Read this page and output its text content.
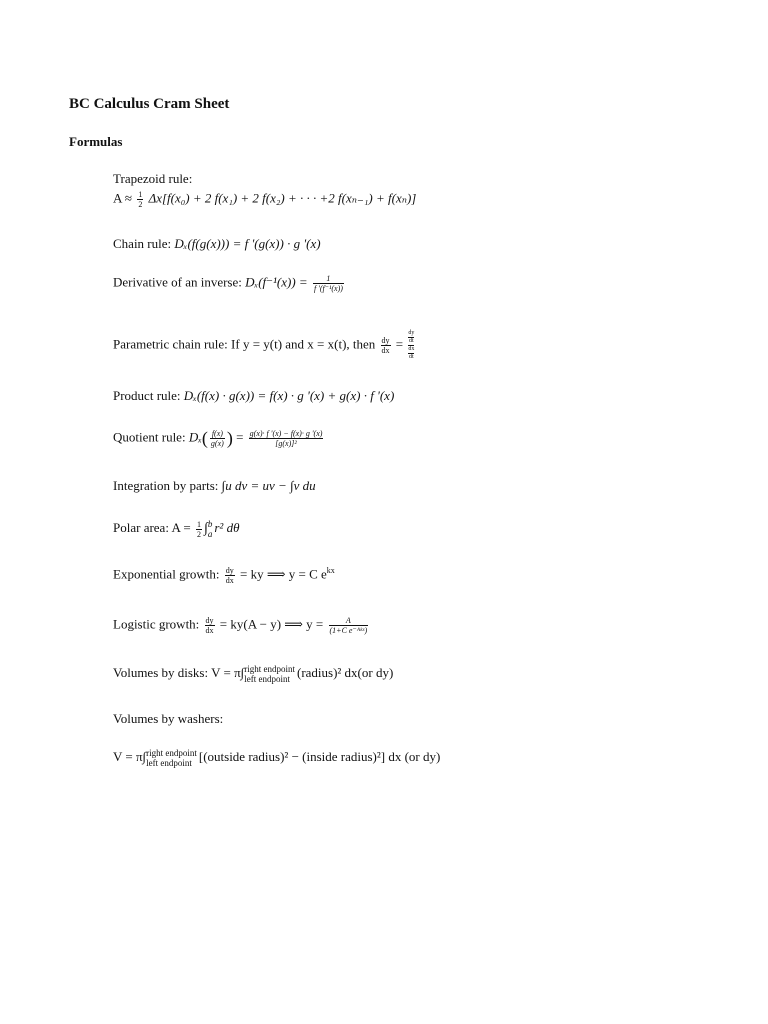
BC Calculus Cram Sheet
Formulas
Trapezoid rule:
$A \approx \frac{1}{2} \Delta x[f(x_0) + 2$ f(x₁) + 2 f(x₂) + · · · +2 f(xₙ₋₁) + f(xₙ)]
Chain rule: Dₓ(f(g(x))) = f '(g(x)) · g '(x)
Derivative of an inverse: $D_x(f^{-1}(x)) = \frac{1}{\text{f '(f⁻¹(x))}}$
Parametric chain rule: If y = y(t) and x = x(t), then $\frac{dy}{dx} = \frac{\frac{dy}{dt}}{\frac{dx}{dt}}$
Product rule: Dₓ(f(x) · g(x)) = f(x) · g '(x) + g(x) · f '(x)
Quotient rule: $D_x( \frac{f(x)}{g(x)}$ ) = $\frac{g(x)\cdot f '(x) - f(x)\cdot g '(x)}{\text{[g(x)]²}}$
Integration by parts: ∫u dv = uv − ∫v du
Polar area: $A = \frac{1}{2}$ ∫ b
a r² dθ
Exponential growth: $\frac{dy}{dx}$ = ky ⟹ y = C $e^{kx}$
Logistic growth: $\frac{dy}{dx} = ky(A - y)$ ⟹ $y = \frac{A}{\text{(1+C e⁻ᴬᵏˣ)}}$
Volumes by disks: V = π∫ right endpoint
left endpoint (radius)² dx(or dy)
Volumes by washers:
V = π∫ right endpoint
left endpoint [(outside radius)² − (inside radius)²] dx (or dy)
